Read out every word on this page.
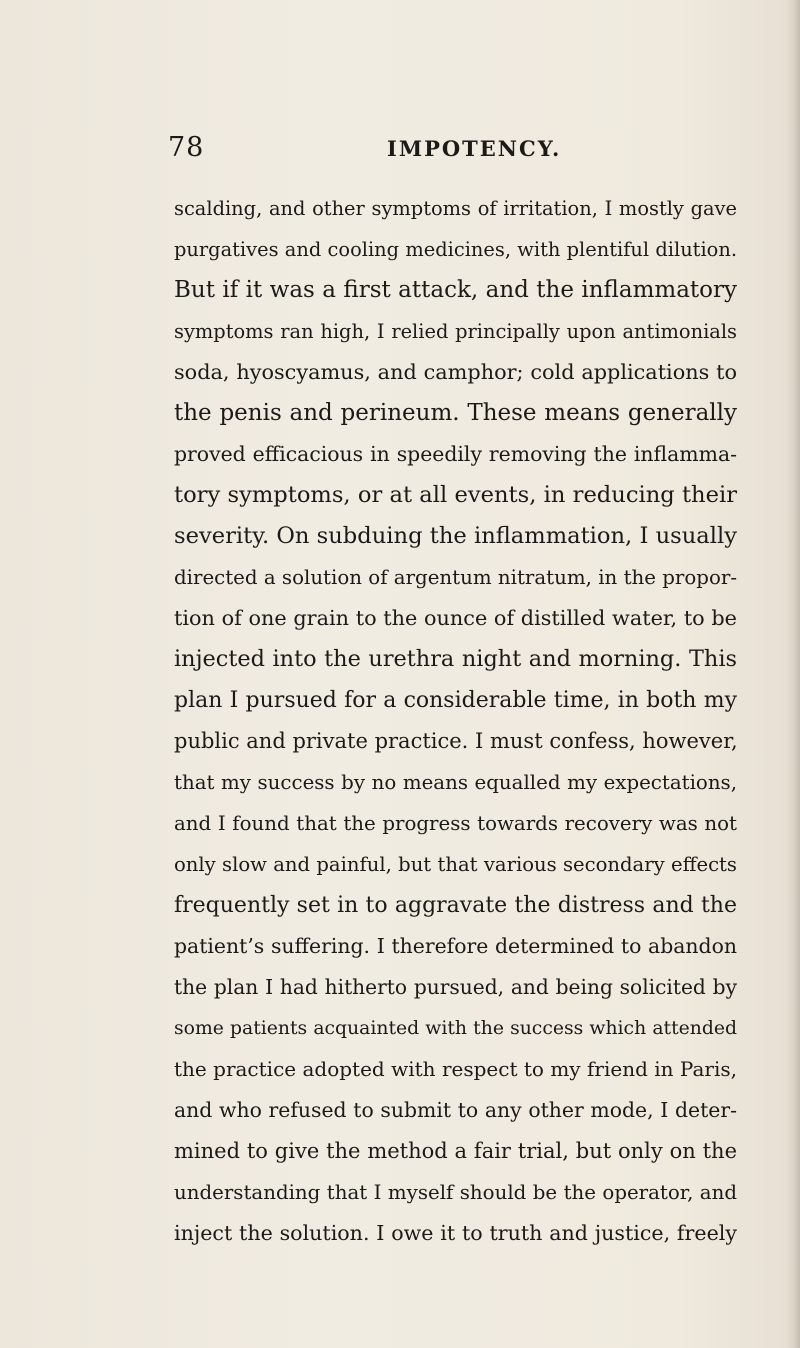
78	IMPOTENCY.
scalding, and other symptoms of irritation, I mostly gave
purgatives and cooling medicines, with plentiful dilution.
But if it was a first attack, and the inflammatory
symptoms ran high, I relied principally upon antimonials
soda, hyoscyamus, and camphor; cold applications to
the penis and perineum. These means generally
proved efficacious in speedily removing the inflamma-
tory symptoms, or at all events, in reducing their
severity. On subduing the inflammation, I usually
directed a solution of argentum nitratum, in the propor-
tion of one grain to the ounce of distilled water, to be
injected into the urethra night and morning. This
plan I pursued for a considerable time, in both my
public and private practice. I must confess, however,
that my success by no means equalled my expectations,
and I found that the progress towards recovery was not
only slow and painful, but that various secondary effects
frequently set in to aggravate the distress and the
patient’s suffering. I therefore determined to abandon
the plan I had hitherto pursued, and being solicited by
some patients acquainted with the success which attended
the practice adopted with respect to my friend in Paris,
and who refused to submit to any other mode, I deter-
mined to give the method a fair trial, but only on the
understanding that I myself should be the operator, and
inject the solution. I owe it to truth and justice, freely
